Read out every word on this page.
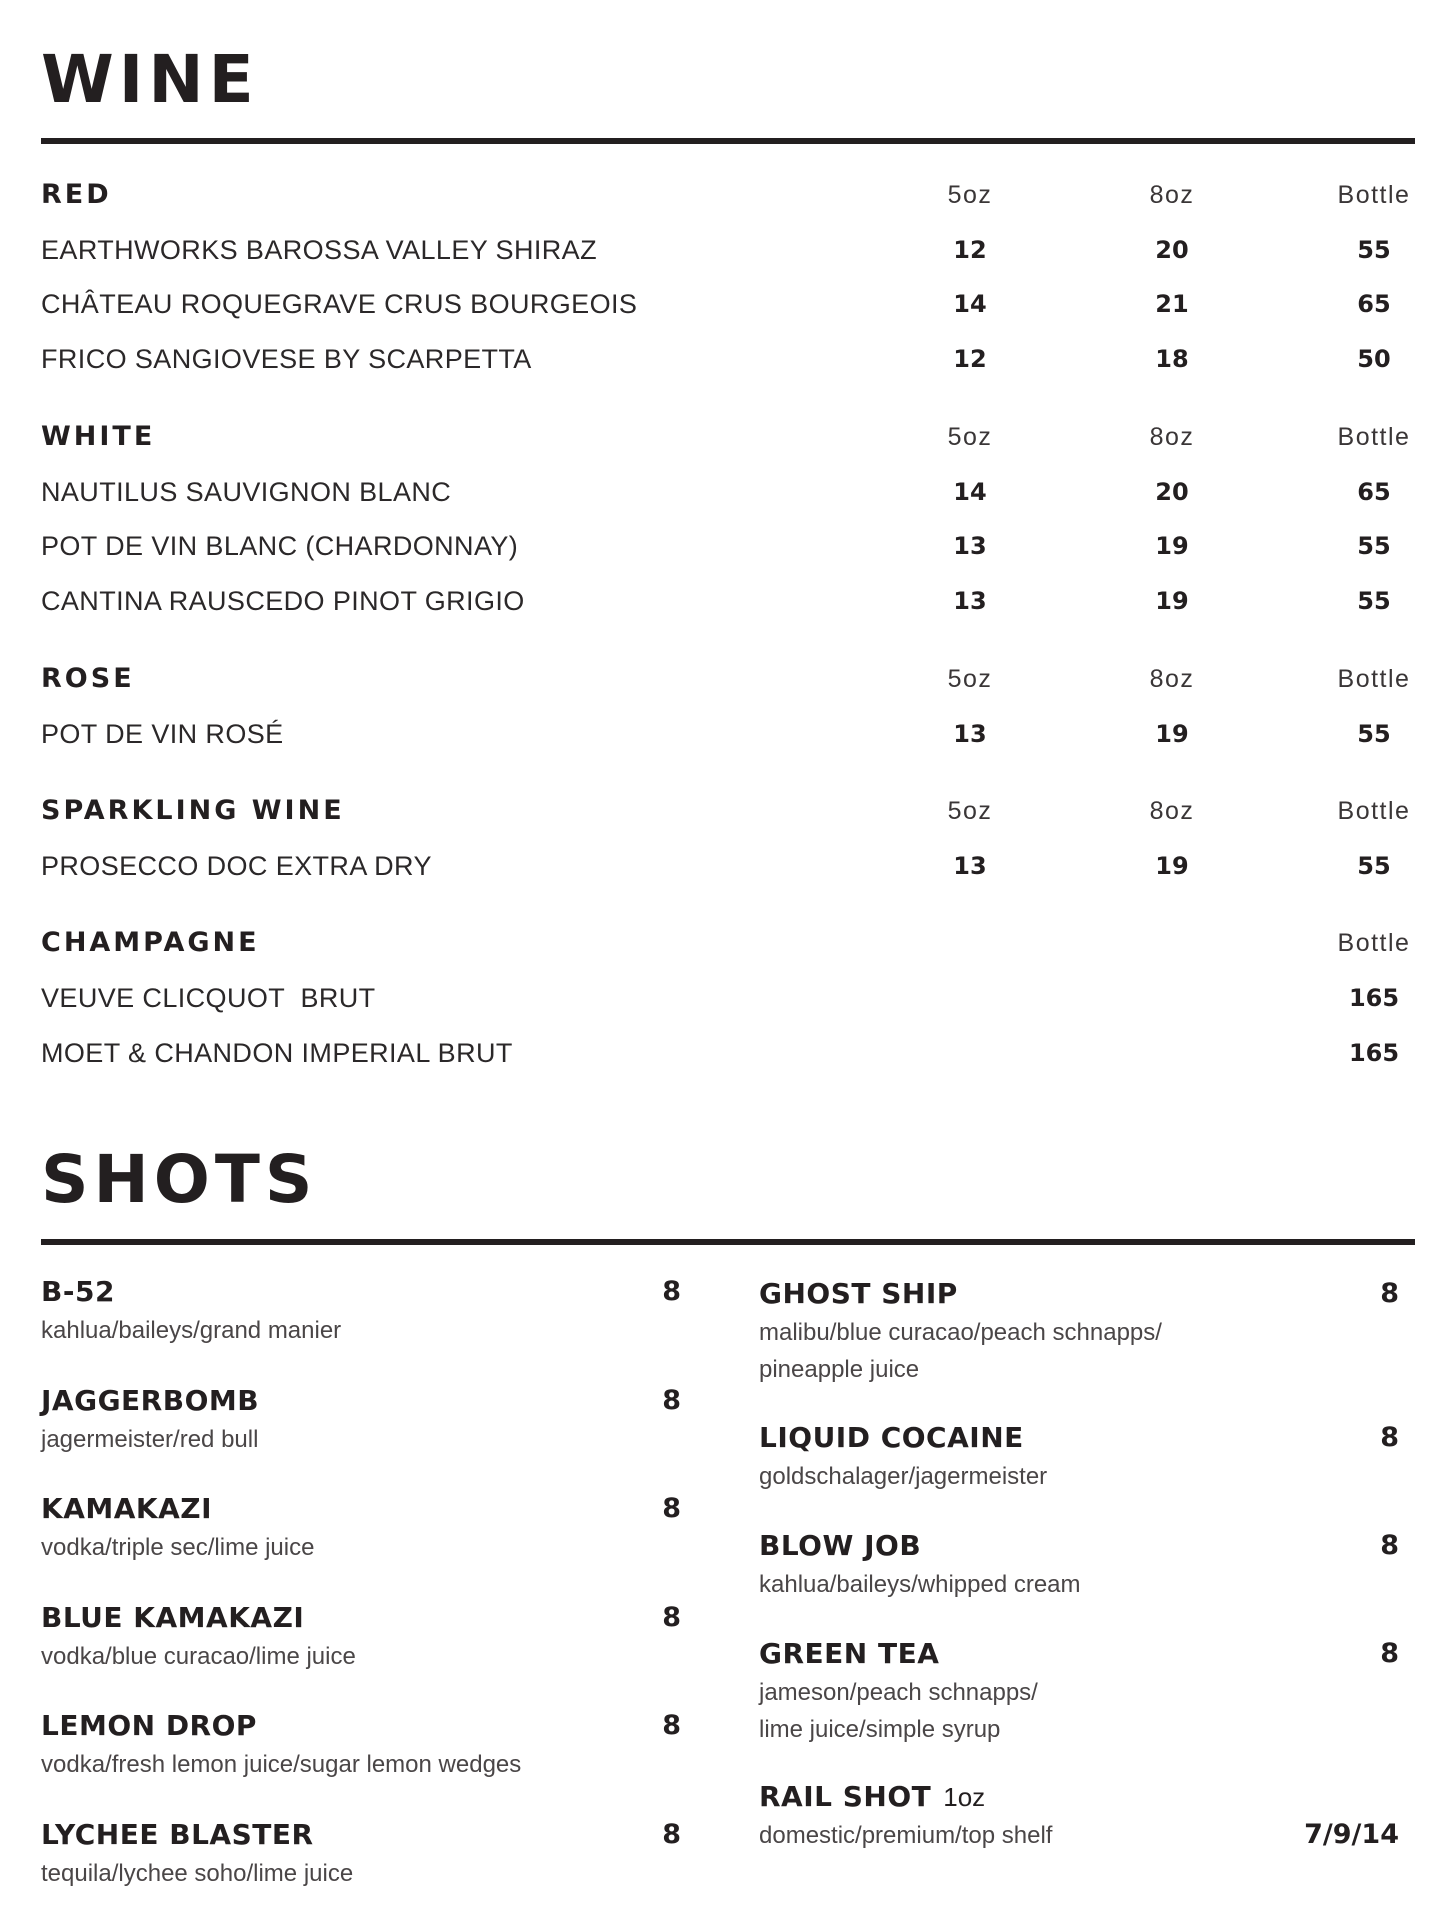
WINE
RED	5oz	8oz	Bottle
EARTHWORKS BAROSSA VALLEY SHIRAZ	12	20	55
CHÂTEAU ROQUEGRAVE CRUS BOURGEOIS	14	21	65
FRICO SANGIOVESE BY SCARPETTA	12	18	50
WHITE	5oz	8oz	Bottle
NAUTILUS SAUVIGNON BLANC	14	20	65
POT DE VIN BLANC (CHARDONNAY)	13	19	55
CANTINA RAUSCEDO PINOT GRIGIO	13	19	55
ROSE	5oz	8oz	Bottle
POT DE VIN ROSÉ	13	19	55
SPARKLING WINE	5oz	8oz	Bottle
PROSECCO DOC EXTRA DRY	13	19	55
CHAMPAGNE	Bottle
VEUVE CLICQUOT  BRUT	165
MOET & CHANDON IMPERIAL BRUT	165
SHOTS
B-52	8
kahlua/baileys/grand manier
JAGGERBOMB	8
jagermeister/red bull
KAMAKAZI	8
vodka/triple sec/lime juice
BLUE KAMAKAZI	8
vodka/blue curacao/lime juice
LEMON DROP	8
vodka/fresh lemon juice/sugar lemon wedges
LYCHEE BLASTER	8
tequila/lychee soho/lime juice
GHOST SHIP	8
malibu/blue curacao/peach schnapps/
pineapple juice
LIQUID COCAINE	8
goldschalager/jagermeister
BLOW JOB	8
kahlua/baileys/whipped cream
GREEN TEA	8
jameson/peach schnapps/
lime juice/simple syrup
RAIL SHOT 1oz
7/9/14
domestic/premium/top shelf
